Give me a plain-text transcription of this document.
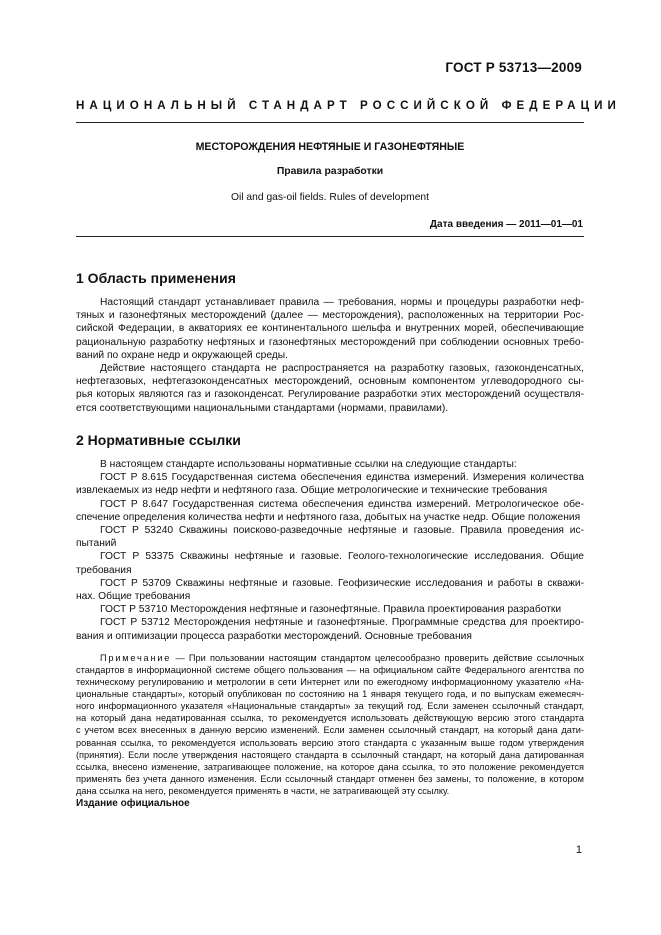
ГОСТ Р 53713—2009
НАЦИОНАЛЬНЫЙ СТАНДАРТ РОССИЙСКОЙ ФЕДЕРАЦИИ
МЕСТОРОЖДЕНИЯ НЕФТЯНЫЕ И ГАЗОНЕФТЯНЫЕ
Правила разработки
Oil and gas-oil fields. Rules of development
Дата введения — 2011—01—01
1 Область применения
Настоящий стандарт устанавливает правила — требования, нормы и процедуры разработки неф-
тяных и газонефтяных месторождений (далее — месторождения), расположенных на территории Рос-
сийской Федерации, в акваториях ее континентального шельфа и внутренних морей, обеспечивающие
рациональную разработку нефтяных и газонефтяных месторождений при соблюдении основных требо-
ваний по охране недр и окружающей среды.
Действие настоящего стандарта не распространяется на разработку газовых, газоконденсатных,
нефтегазовых, нефтегазоконденсатных месторождений, основным компонентом углеводородного сы-
рья которых являются газ и газоконденсат. Регулирование разработки этих месторождений осуществля-
ется соответствующими национальными стандартами (нормами, правилами).
2 Нормативные ссылки
В настоящем стандарте использованы нормативные ссылки на следующие стандарты:
ГОСТ Р 8.615 Государственная система обеспечения единства измерений. Измерения количества
извлекаемых из недр нефти и нефтяного газа. Общие метрологические и технические требования
ГОСТ Р 8.647 Государственная система обеспечения единства измерений. Метрологическое обе-
спечение определения количества нефти и нефтяного газа, добытых на участке недр. Общие положения
ГОСТ Р 53240 Скважины поисково-разведочные нефтяные и газовые. Правила проведения ис-
пытаний
ГОСТ Р 53375 Скважины нефтяные и газовые. Геолого-технологические исследования. Общие
требования
ГОСТ Р 53709 Скважины нефтяные и газовые. Геофизические исследования и работы в скважи-
нах. Общие требования
ГОСТ Р 53710 Месторождения нефтяные и газонефтяные. Правила проектирования разработки
ГОСТ Р 53712 Месторождения нефтяные и газонефтяные. Программные средства для проектиро-
вания и оптимизации процесса разработки месторождений. Основные требования
Примечание — При пользовании настоящим стандартом целесообразно проверить действие ссылочных
стандартов в информационной системе общего пользования — на официальном сайте Федерального агентства по
техническому регулированию и метрологии в сети Интернет или по ежегодному информационному указателю «На-
циональные стандарты», который опубликован по состоянию на 1 января текущего года, и по выпускам ежемесяч-
ного информационного указателя «Национальные стандарты» за текущий год. Если заменен ссылочный стандарт,
на который дана недатированная ссылка, то рекомендуется использовать действующую версию этого стандарта
с учетом всех внесенных в данную версию изменений. Если заменен ссылочный стандарт, на который дана дати-
рованная ссылка, то рекомендуется использовать версию этого стандарта с указанным выше годом утверждения
(принятия). Если после утверждения настоящего стандарта в ссылочный стандарт, на который дана датированная
ссылка, внесено изменение, затрагивающее положение, на которое дана ссылка, то это положение рекомендуется
применять без учета данного изменения. Если ссылочный стандарт отменен без замены, то положение, в котором
дана ссылка на него, рекомендуется применять в части, не затрагивающей эту ссылку.
Издание официальное
1
